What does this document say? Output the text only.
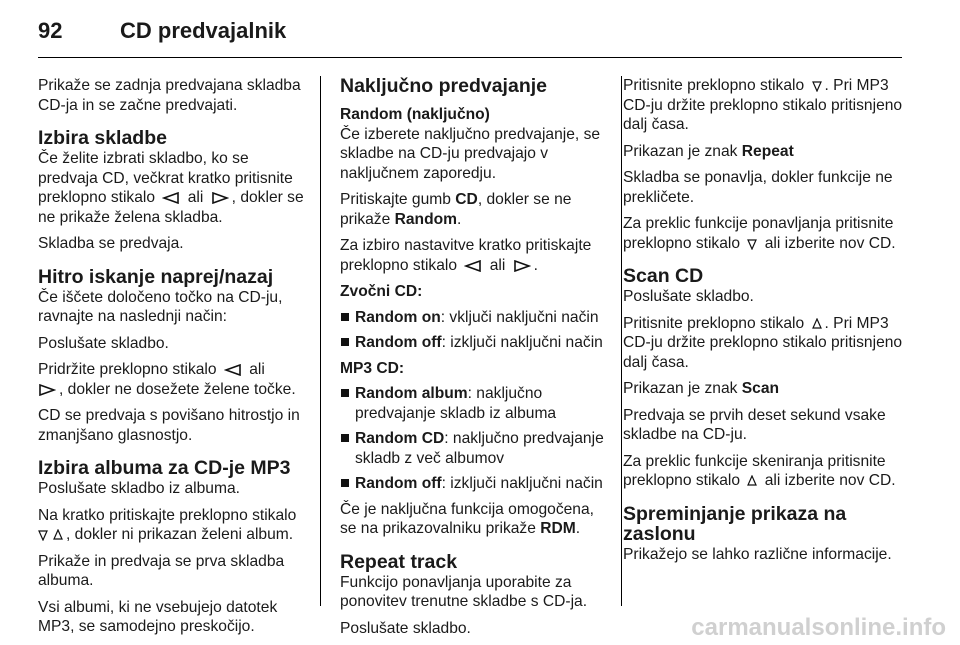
92	CD predvajalnik

Prikaže se zadnja predvajana skladba CD-ja in se začne predvajati.

Izbira skladbe

Če želite izbrati skladbo, ko se predvaja CD, večkrat kratko pritisnite preklopno stikalo ali , dokler se ne prikaže želena skladba.

Skladba se predvaja.

Hitro iskanje naprej/nazaj

Če iščete določeno točko na CD-ju, ravnajte na naslednji način:

Poslušate skladbo.

Pridržite preklopno stikalo ali
, dokler ne dosežete želene točke.

CD se predvaja s povišano hitrostjo in zmanjšano glasnostjo.

Izbira albuma za CD-je MP3

Poslušate skladbo iz albuma.

Na kratko pritiskajte preklopno stikalo
, dokler ni prikazan želeni album.

Prikaže in predvaja se prva skladba albuma.

Vsi albumi, ki ne vsebujejo datotek MP3, se samodejno preskočijo.

Naključno predvajanje
Random (naključno)

Če izberete naključno predvajanje, se skladbe na CD-ju predvajajo v naključnem zaporedju.

Pritiskajte gumb CD, dokler se ne prikaže Random.

Za izbiro nastavitve kratko pritiskajte preklopno stikalo ali .

Zvočni CD:
Random on: vključi naključni način
Random off: izključi naključni način
MP3 CD:
Random album: naključno predvajanje skladb iz albuma
Random CD: naključno predvajanje skladb z več albumov
Random off: izključi naključni način

Če je naključna funkcija omogočena, se na prikazovalniku prikaže RDM.

Repeat track

Funkcijo ponavljanja uporabite za ponovitev trenutne skladbe s CD-ja.

Poslušate skladbo.

Pritisnite preklopno stikalo . Pri MP3 CD-ju držite preklopno stikalo pritisnjeno dalj časa.

Prikazan je znak Repeat

Skladba se ponavlja, dokler funkcije ne prekličete.

Za preklic funkcije ponavljanja pritisnite preklopno stikalo ali izberite nov CD.

Scan CD

Poslušate skladbo.

Pritisnite preklopno stikalo . Pri MP3 CD-ju držite preklopno stikalo pritisnjeno dalj časa.

Prikazan je znak Scan

Predvaja se prvih deset sekund vsake skladbe na CD-ju.

Za preklic funkcije skeniranja pritisnite preklopno stikalo ali izberite nov CD.

Spreminjanje prikaza na zaslonu

Prikažejo se lahko različne informacije.

carmanualsonline.info
